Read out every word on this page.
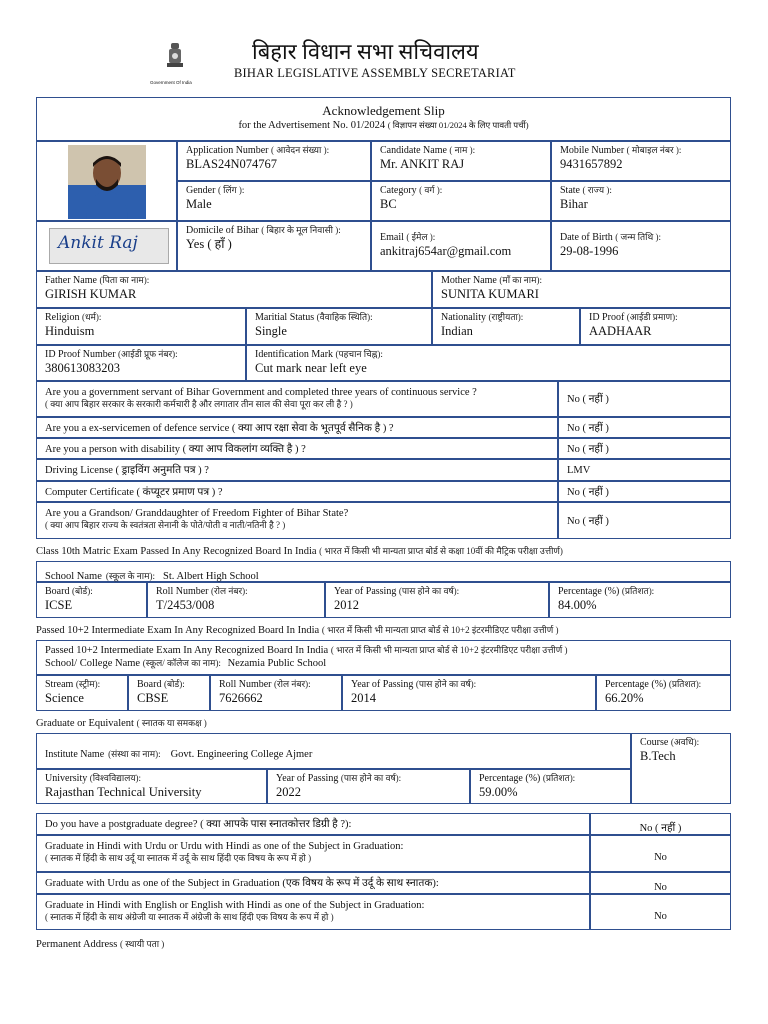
Government Of India
बिहार विधान सभा सचिवालय
BIHAR LEGISLATIVE ASSEMBLY SECRETARIAT
Acknowledgement Slip
for the Advertisement No. 01/2024 ( विज्ञापन संख्या 01/2024 के लिए पावती पर्ची)
Ankit Raj
Application Number ( आवेदन संख्या ):
BLAS24N074767
Candidate Name ( नाम ):
Mr. ANKIT RAJ
Mobile Number ( मोबाइल नंबर ):
9431657892
Gender ( लिंग ):
Male
Category ( वर्ग ):
BC
State ( राज्य ):
Bihar
Domicile of Bihar ( बिहार के मूल निवासी ):
Yes ( हाँ )	Email ( ईमेल ):
ankitraj654ar@gmail.com
Date of Birth ( जन्म तिथि ):
29-08-1996
Father Name (पिता का नाम):
GIRISH KUMAR
Mother Name (माँ का नाम):
SUNITA KUMARI
Religion (धर्म):
Hinduism
Maritial Status (वैवाहिक स्थिति):
Single
Nationality (राष्ट्रीयता):
Indian
ID Proof (आईडी प्रमाण):
AADHAAR
ID Proof Number (आईडी प्रूफ नंबर):
380613083203
Identification Mark (पहचान चिह्न):
Cut mark near left eye
Are you a government servant of Bihar Government and completed three years of continuous service ?
( क्या आप बिहार सरकार के सरकारी कर्मचारी है और लगातार तीन साल की सेवा पूरा कर ली है ? )	No ( नहीं )
Are you a ex-servicemen of defence service ( क्या आप रक्षा सेवा के भूतपूर्व सैनिक है ) ?	No ( नहीं )
Are you a person with disability ( क्या आप विकलांग व्यक्ति है ) ?	No ( नहीं )
Driving License ( ड्राइविंग अनुमति पत्र ) ?	LMV
Computer Certificate ( कंप्यूटर प्रमाण पत्र ) ?	No ( नहीं )
Are you a Grandson/ Granddaughter of Freedom Fighter of Bihar State?
( क्या आप बिहार राज्य के स्वतंत्रता सेनानी के पोते/पोती व नाती/नतिनी है ? )	No ( नहीं )
Class 10th Matric Exam Passed In Any Recognized Board In India ( भारत में किसी भी मान्यता प्राप्त बोर्ड से कक्षा 10वीं की मैट्रिक परीक्षा उत्तीर्ण)
School Name (स्कूल के नाम): St. Albert High School
Board (बोर्ड):
ICSE
Roll Number (रोल नंबर):
T/2453/008
Year of Passing (पास होने का वर्ष):
2012
Percentage (%) (प्रतिशत):
84.00%
Passed 10+2 Intermediate Exam In Any Recognized Board In India ( भारत में किसी भी मान्यता प्राप्त बोर्ड से 10+2 इंटरमीडिएट परीक्षा उत्तीर्ण )
Passed 10+2 Intermediate Exam In Any Recognized Board In India ( भारत में किसी भी मान्यता प्राप्त बोर्ड से 10+2 इंटरमीडिएट परीक्षा उत्तीर्ण )
School/ College Name (स्कूल/ कॉलेज का नाम): Nezamia Public School
Stream (स्ट्रीम):
Science
Board (बोर्ड):
CBSE
Roll Number (रोल नंबर):
7626662
Year of Passing (पास होने का वर्ष):
2014
Percentage (%) (प्रतिशत):
66.20%
Graduate or Equivalent ( स्नातक या समकक्ष )
Institute Name (संस्था का नाम): Govt. Engineering College Ajmer
Course (अवधि):
B.Tech
University (विश्वविद्यालय):
Rajasthan Technical University
Year of Passing (पास होने का वर्ष):
2022
Percentage (%) (प्रतिशत):
59.00%
Do you have a postgraduate degree? ( क्या आपके पास स्नातकोत्तर डिग्री है ?):	No ( नहीं )
Graduate in Hindi with Urdu or Urdu with Hindi as one of the Subject in Graduation:
( स्नातक में हिंदी के साथ उर्दू या स्नातक में उर्दू के साथ हिंदी एक विषय के रूप में हो )	No
Graduate with Urdu as one of the Subject in Graduation (एक विषय के रूप में उर्दू के साथ स्नातक):	No
Graduate in Hindi with English or English with Hindi as one of the Subject in Graduation:
( स्नातक में हिंदी के साथ अंग्रेजी या स्नातक में अंग्रेजी के साथ हिंदी एक विषय के रूप में हो )	No
Permanent Address ( स्थायी पता )
